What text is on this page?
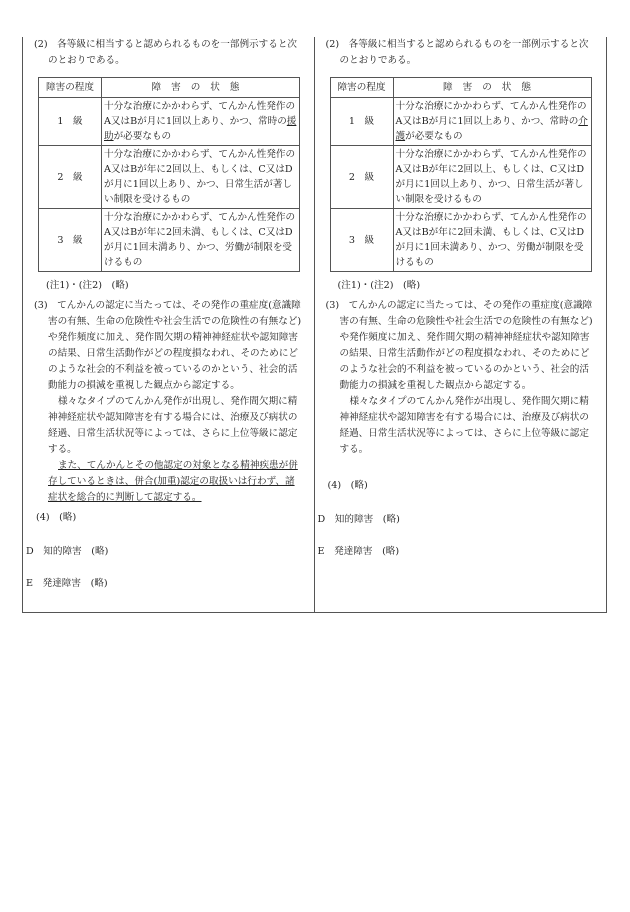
(2)　各等級に相当すると認められるものを一部例示すると次のとおりである。

障害の程度	障害の状態
1　級	十分な治療にかかわらず、てんかん性発作のA又はBが月に1回以上あり、かつ、常時の援助が必要なもの
2　級	十分な治療にかかわらず、てんかん性発作のA又はBが年に2回以上、もしくは、C又はDが月に1回以上あり、かつ、日常生活が著しい制限を受けるもの
3　級	十分な治療にかかわらず、てんかん性発作のA又はBが年に2回未満、もしくは、C又はDが月に1回未満あり、かつ、労働が制限を受けるもの

(注1)・(注2)　(略)

(3)　てんかんの認定に当たっては、その発作の重症度(意識障害の有無、生命の危険性や社会生活での危険性の有無など)や発作頻度に加え、発作間欠期の精神神経症状や認知障害の結果、日常生活動作がどの程度損なわれ、そのためにどのような社会的不利益を被っているのかという、社会的活動能力の損減を重視した観点から認定する。

様々なタイプのてんかん発作が出現し、発作間欠期に精神神経症状や認知障害を有する場合には、治療及び病状の経過、日常生活状況等によっては、さらに上位等級に認定する。

また、てんかんとその他認定の対象となる精神疾患が併存しているときは、併合(加重)認定の取扱いは行わず、諸症状を総合的に判断して認定する。

(4)　(略)

D　知的障害　(略)

E　発達障害　(略)

(2)　各等級に相当すると認められるものを一部例示すると次のとおりである。

障害の程度	障害の状態
1　級	十分な治療にかかわらず、てんかん性発作のA又はBが月に1回以上あり、かつ、常時の介護が必要なもの
2　級	十分な治療にかかわらず、てんかん性発作のA又はBが年に2回以上、もしくは、C又はDが月に1回以上あり、かつ、日常生活が著しい制限を受けるもの
3　級	十分な治療にかかわらず、てんかん性発作のA又はBが年に2回未満、もしくは、C又はDが月に1回未満あり、かつ、労働が制限を受けるもの

(注1)・(注2)　(略)

(3)　てんかんの認定に当たっては、その発作の重症度(意識障害の有無、生命の危険性や社会生活での危険性の有無など)や発作頻度に加え、発作間欠期の精神神経症状や認知障害の結果、日常生活動作がどの程度損なわれ、そのためにどのような社会的不利益を被っているのかという、社会的活動能力の損減を重視した観点から認定する。

様々なタイプのてんかん発作が出現し、発作間欠期に精神神経症状や認知障害を有する場合には、治療及び病状の経過、日常生活状況等によっては、さらに上位等級に認定する。

(4)　(略)

D　知的障害　(略)

E　発達障害　(略)
